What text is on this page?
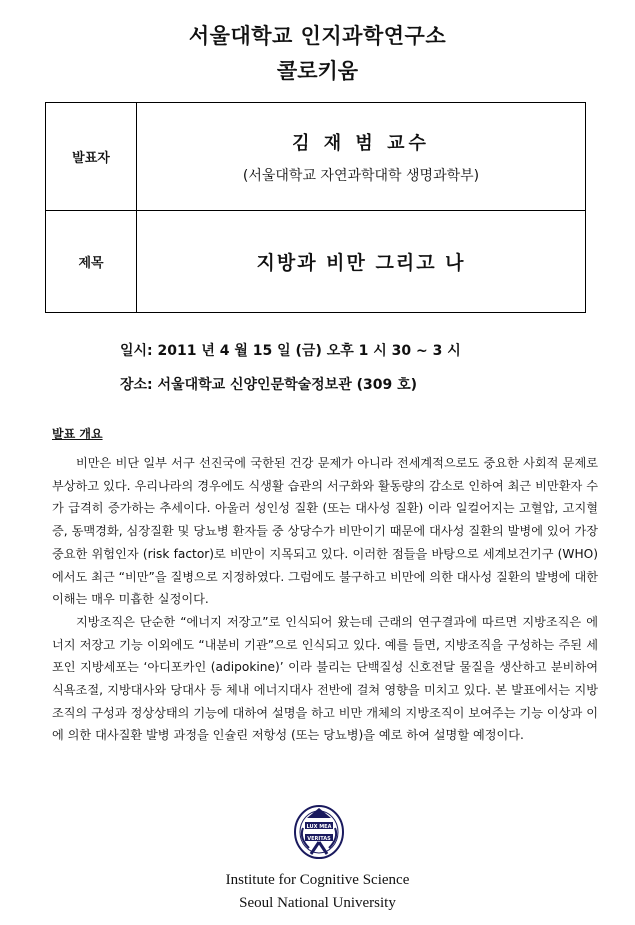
서울대학교 인지과학연구소
콜로키움
발표자	김 재 범 교수
(서울대학교 자연과학대학 생명과학부)

제목	지방과 비만 그리고 나
일시: 2011 년 4 월 15 일 (금) 오후 1 시 30 ~ 3 시
장소: 서울대학교 신양인문학술정보관 (309 호)
발표 개요

비만은 비단 일부 서구 선진국에 국한된 건강 문제가 아니라 전세계적으로도 중요한 사회적 문제로 부상하고 있다. 우리나라의 경우에도 식생활 습관의 서구화와 활동량의 감소로 인하여 최근 비만환자 수가 급격히 증가하는 추세이다. 아울러 성인성 질환 (또는 대사성 질환) 이라 일컬어지는 고혈압, 고지혈증, 동맥경화, 심장질환 및 당뇨병 환자들 중 상당수가 비만이기 때문에 대사성 질환의 발병에 있어 가장 중요한 위험인자 (risk factor)로 비만이 지목되고 있다. 이러한 점들을 바탕으로 세계보건기구 (WHO) 에서도 최근 “비만”을 질병으로 지정하였다. 그럼에도 불구하고 비만에 의한 대사성 질환의 발병에 대한 이해는 매우 미흡한 실정이다.

지방조직은 단순한 “에너지 저장고”로 인식되어 왔는데 근래의 연구결과에 따르면 지방조직은 에너지 저장고 기능 이외에도 “내분비 기관”으로 인식되고 있다. 예를 들면, 지방조직을 구성하는 주된 세포인 지방세포는 ‘아디포카인 (adipokine)’ 이라 불리는 단백질성 신호전달 물질을 생산하고 분비하여 식욕조절, 지방대사와 당대사 등 체내 에너지대사 전반에 걸쳐 영향을 미치고 있다. 본 발표에서는 지방조직의 구성과 정상상태의 기능에 대하여 설명을 하고 비만 개체의 지방조직이 보여주는 기능 이상과 이에 의한 대사질환 발병 과정을 인슐린 저항성 (또는 당뇨병)을 예로 하여 설명할 예정이다.

LUX MEA
VERITAS
Institute for Cognitive Science
Seoul National University
